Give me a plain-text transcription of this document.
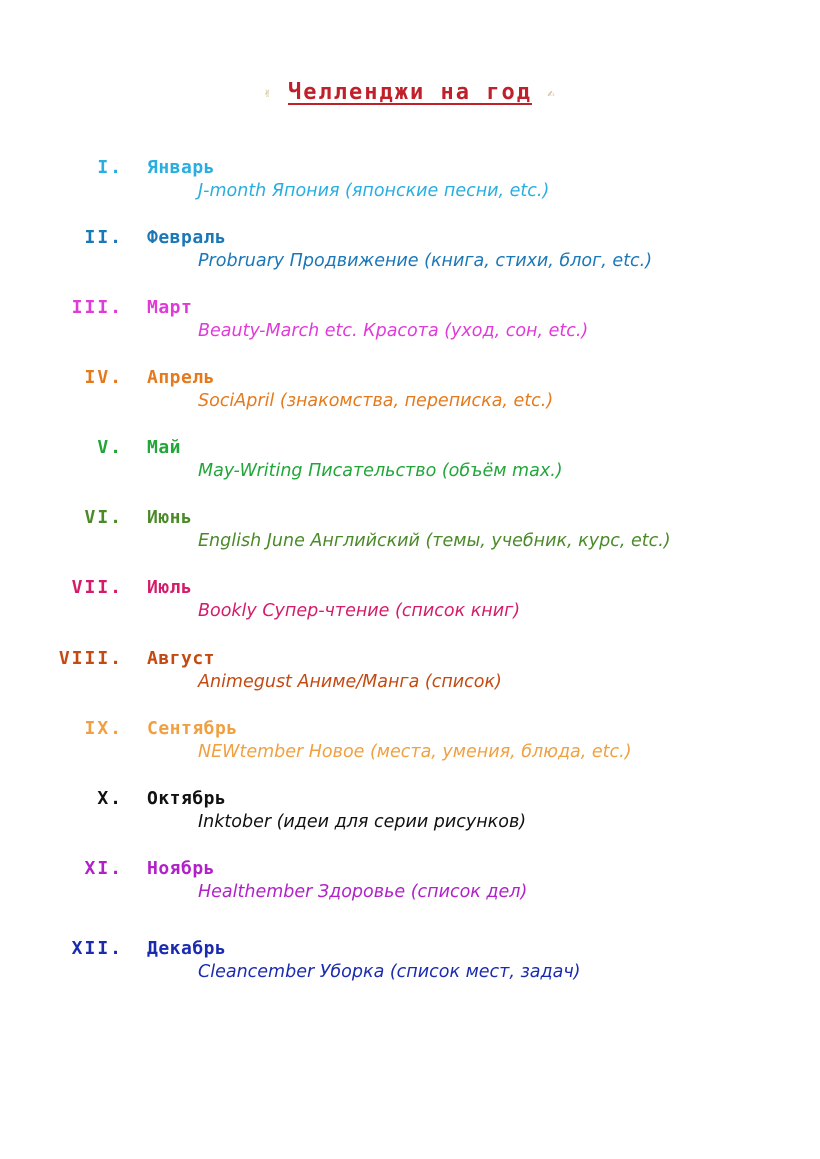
✌ Челлендж​и на год ✍
I. Январь
J-month Япония (японские песни, etc.)
II. Февраль
Probruary Продвижение (книга, стихи, блог, etc.)
III. Март
Beauty-March etc. Красота (уход, сон, etc.)
IV. Апрель
SociApril (знакомства, переписка, etc.)
V. Май
May-Writing Писательство (объём max.)
VI. Июнь
English June Английский (темы, учебник, курс, etc.)
VII. Июль
Bookly Супер-чтение (список книг)
VIII. Август
Animegust Аниме/Манга (список)
IX. Сентябрь
NEWtember Новое (места, умения, блюда, etc.)
X. Октябрь
Inktober (идеи для серии рисунков)
XI. Ноябрь
Healthember Здоровье (список дел)
XII. Декабрь
Cleancember Уборка (список мест, задач)
